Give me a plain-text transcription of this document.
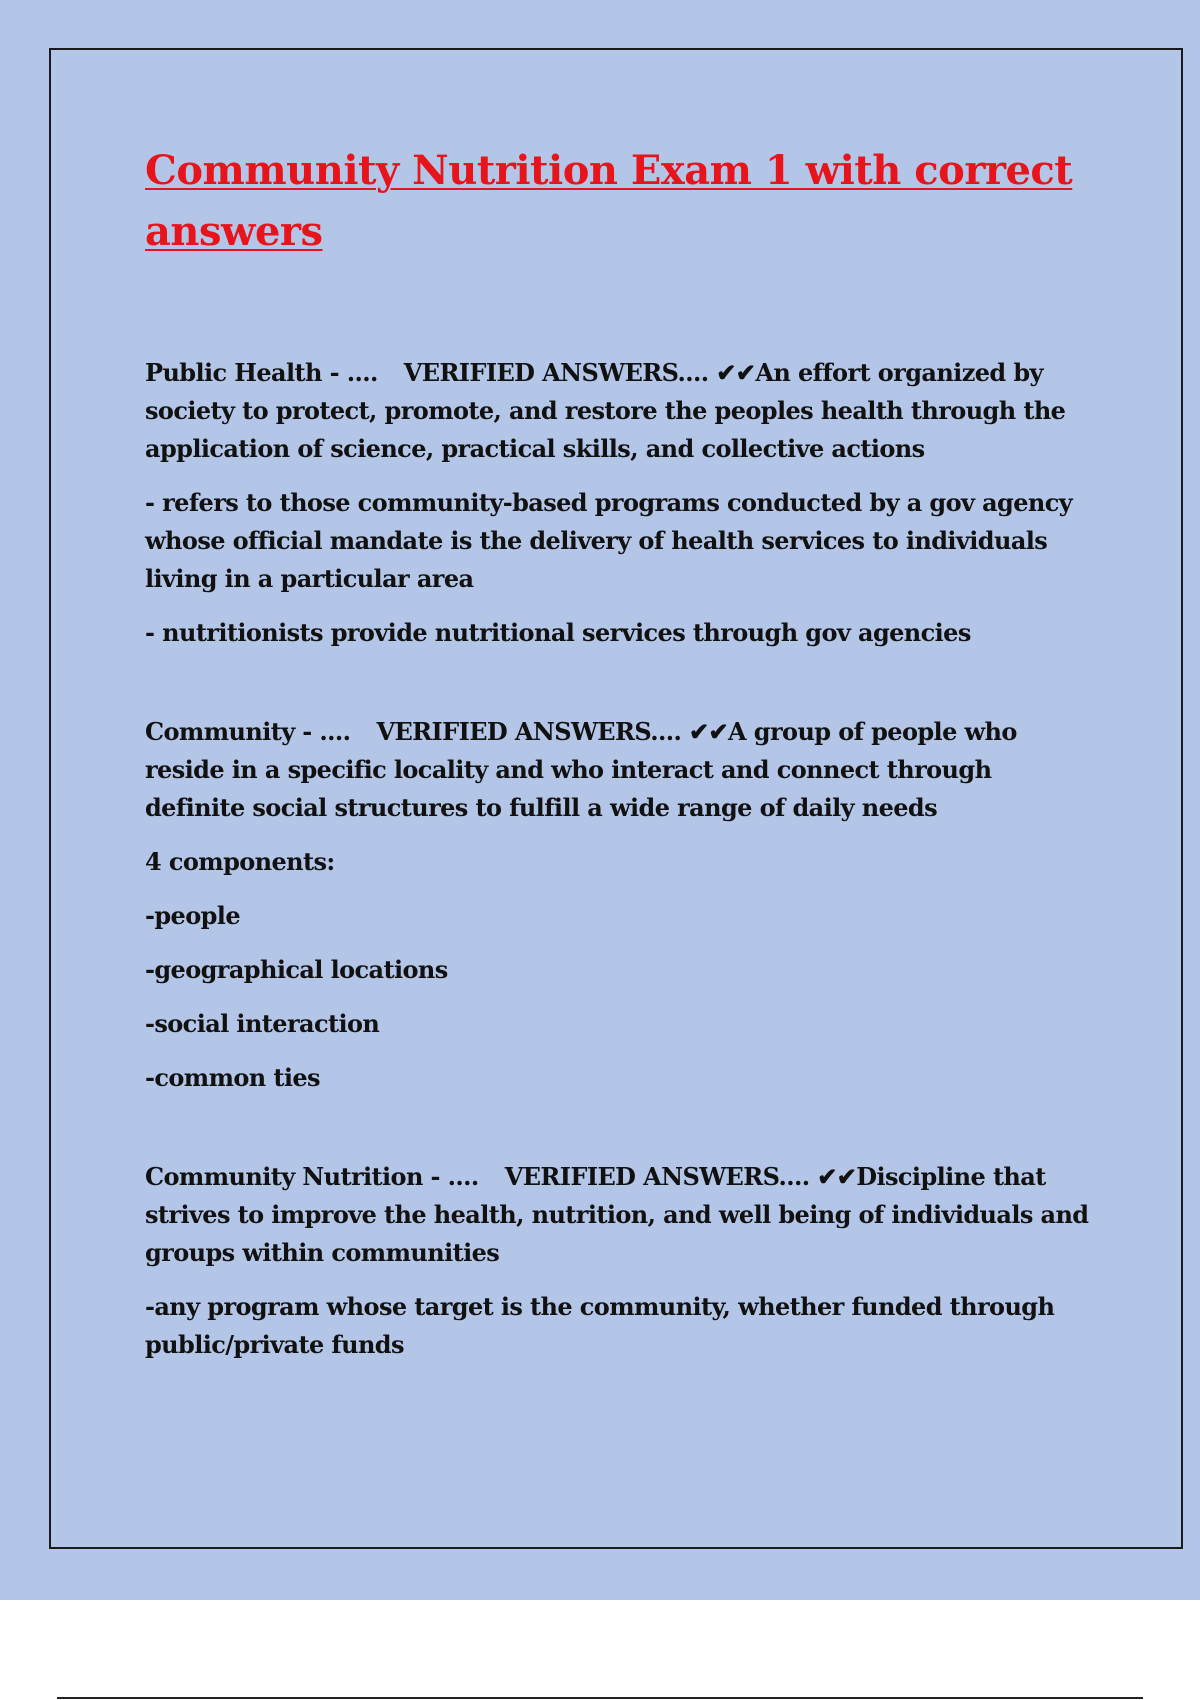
Community Nutrition Exam 1 with correct answers

Public Health - .... VERIFIED ANSWERS.... ✔✔An effort organized by society to protect, promote, and restore the peoples health through the application of science, practical skills, and collective actions

- refers to those community-based programs conducted by a gov agency whose official mandate is the delivery of health services to individuals living in a particular area

- nutritionists provide nutritional services through gov agencies

Community - .... VERIFIED ANSWERS.... ✔✔A group of people who reside in a specific locality and who interact and connect through definite social structures to fulfill a wide range of daily needs

4 components:

-people

-geographical locations

-social interaction

-common ties

Community Nutrition - .... VERIFIED ANSWERS.... ✔✔Discipline that strives to improve the health, nutrition, and well being of individuals and groups within communities

-any program whose target is the community, whether funded through public/private funds
